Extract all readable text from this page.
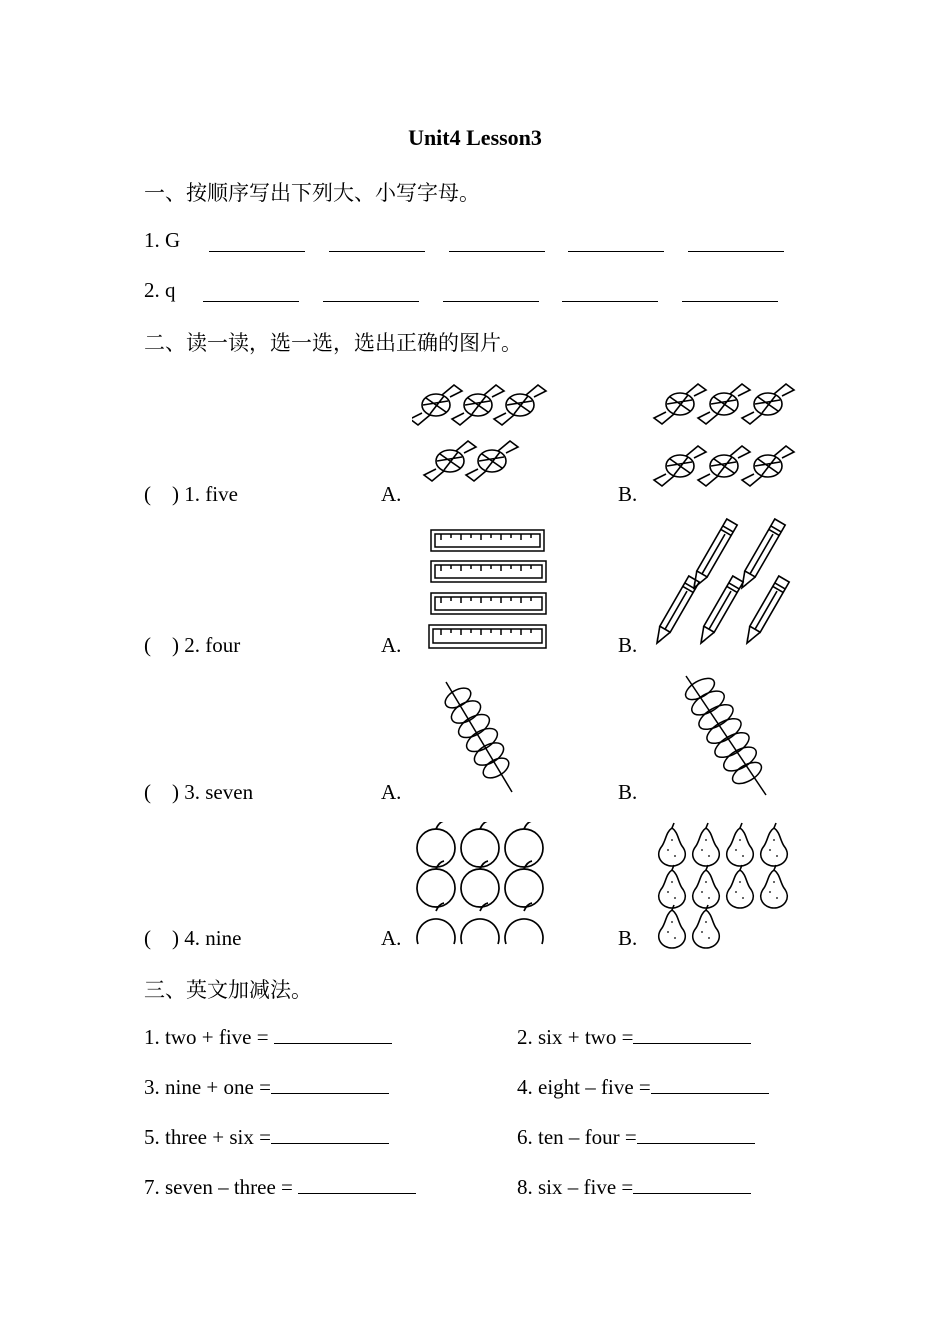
Unit4 Lesson3
一、按顺序写出下列大、小写字母。
1. G
2. q
二、读一读，选一选，选出正确的图片。
(    ) 1. five	A.	B.
(    ) 2. four	A.	B.
(    ) 3. seven	A.	B.
(    ) 4. nine	A.	B.
三、英文加减法。
1. two + five =	2. six + two =
3. nine + one =	4. eight – five =
5. three + six =	6. ten – four =
7. seven – three =	8. six – five =
